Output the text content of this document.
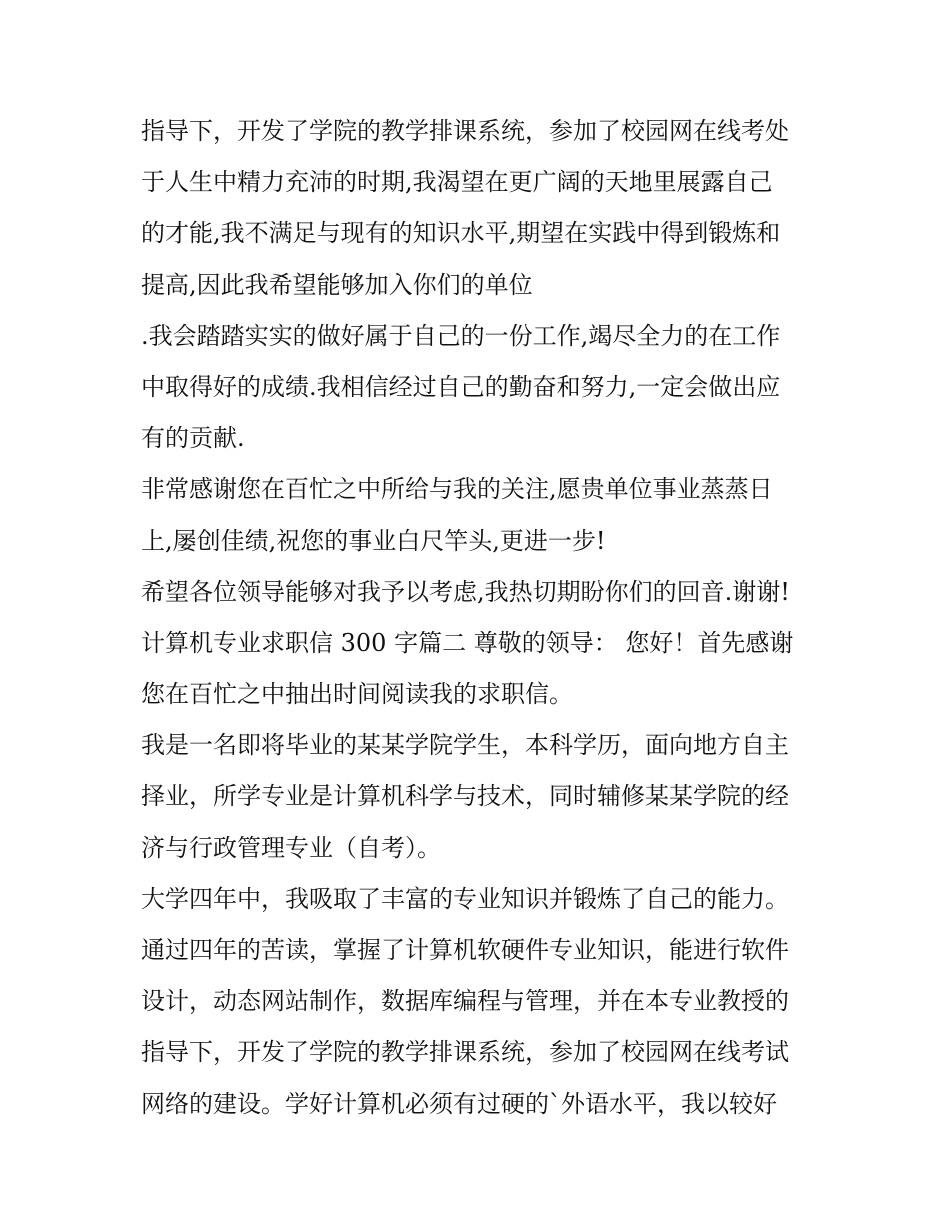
指导下，开发了学院的教学排课系统，参加了校园网在线考处
于人生中精力充沛的时期,我渴望在更广阔的天地里展露自己
的才能,我不满足与现有的知识水平,期望在实践中得到锻炼和
提高,因此我希望能够加入你们的单位
.我会踏踏实实的做好属于自己的一份工作,竭尽全力的在工作
中取得好的成绩.我相信经过自己的勤奋和努力,一定会做出应
有的贡献.
非常感谢您在百忙之中所给与我的关注,愿贵单位事业蒸蒸日
上,屡创佳绩,祝您的事业白尺竿头,更进一步!
希望各位领导能够对我予以考虑,我热切期盼你们的回音.谢谢!
计算机专业求职信 300 字篇二 尊敬的领导： 您好！首先感谢
您在百忙之中抽出时间阅读我的求职信。
我是一名即将毕业的某某学院学生，本科学历，面向地方自主
择业，所学专业是计算机科学与技术，同时辅修某某学院的经
济与行政管理专业（自考）。
大学四年中，我吸取了丰富的专业知识并锻炼了自己的能力。
通过四年的苦读，掌握了计算机软硬件专业知识，能进行软件
设计，动态网站制作，数据库编程与管理，并在本专业教授的
指导下，开发了学院的教学排课系统，参加了校园网在线考试
网络的建设。学好计算机必须有过硬的`外语水平，我以较好
